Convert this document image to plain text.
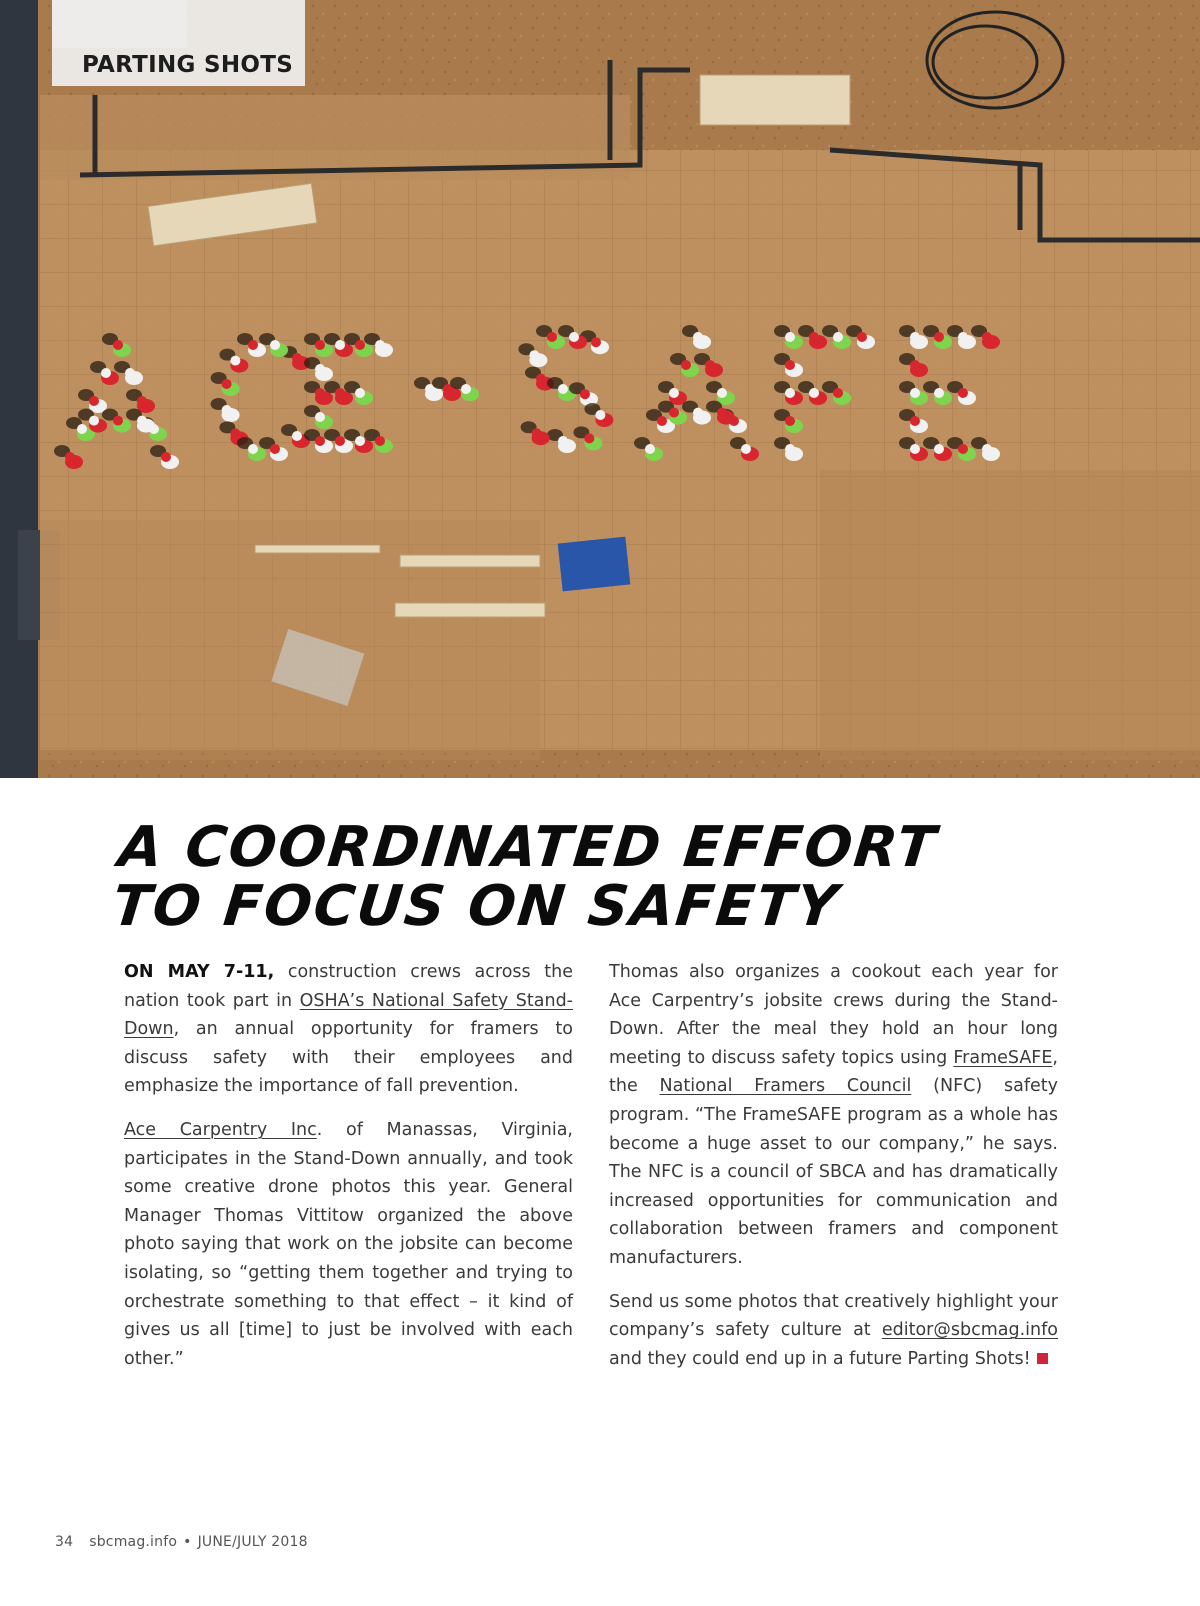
PARTING SHOTS
A COORDINATED EFFORT
TO FOCUS ON SAFETY

ON MAY 7-11, construction crews across the nation took part in OSHA’s National Safety Stand-Down, an annual opportunity for framers to discuss safety with their employees and emphasize the importance of fall prevention.

Ace Carpentry Inc. of Manassas, Virginia, participates in the Stand-Down annually, and took some creative drone photos this year. General Manager Thomas Vittitow organized the above photo saying that work on the jobsite can become isolating, so “getting them together and trying to orchestrate something to that effect – it kind of gives us all [time] to just be involved with each other.”

Thomas also organizes a cookout each year for Ace Carpentry’s jobsite crews during the Stand-Down. After the meal they hold an hour long meeting to discuss safety topics using FrameSAFE, the National Framers Council (NFC) safety program. “The FrameSAFE program as a whole has become a huge asset to our company,” he says. The NFC is a council of SBCA and has dramatically increased opportunities for communication and collaboration between framers and component manufacturers.

Send us some photos that creatively highlight your company’s safety culture at editor@sbcmag.info and they could end up in a future Parting Shots!

34 sbcmag.info • JUNE/JULY 2018
